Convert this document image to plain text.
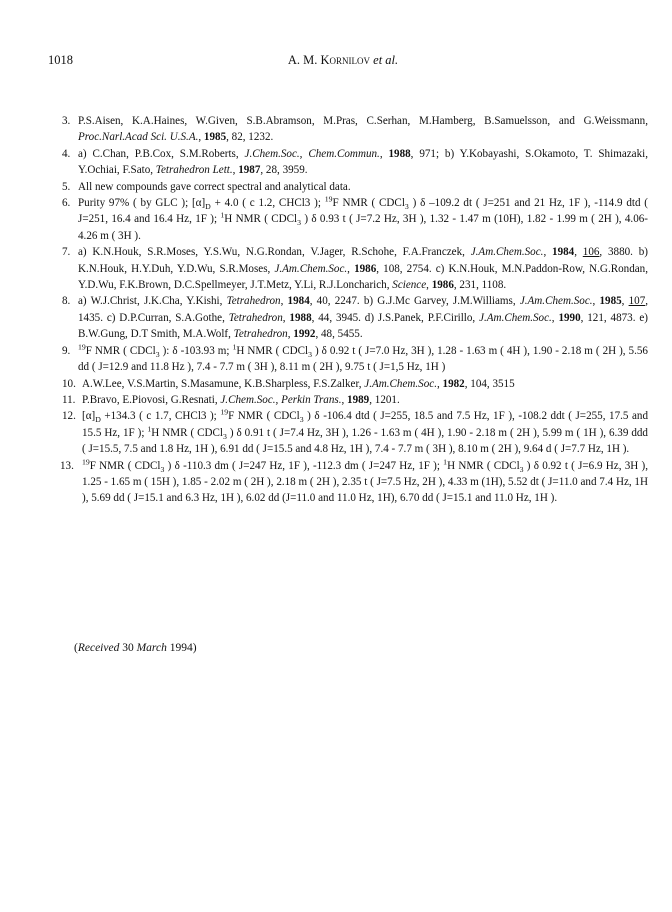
1018	A. M. Kornilov et al.
3. P.S.Aisen, K.A.Haines, W.Given, S.B.Abramson, M.Pras, C.Serhan, M.Hamberg, B.Samuelsson, and G.Weissmann, Proc.Narl.Acad Sci. U.S.A., 1985, 82, 1232.
4. a) C.Chan, P.B.Cox, S.M.Roberts, J.Chem.Soc., Chem.Commun., 1988, 971; b) Y.Kobayashi, S.Okamoto, T. Shimazaki, Y.Ochiai, F.Sato, Tetrahedron Lett., 1987, 28, 3959.
5. All new compounds gave correct spectral and analytical data.
6. Purity 97% ( by GLC ); $[\alpha]_D + 4.0$ ( c 1.2, CHCl3 ); $^{19}$F NMR ( CDCl$_3$ ) δ –109.2 dt ( J=251 and 21 Hz, 1F ), -114.9 dtd ( J=251, 16.4 and 16.4 Hz, 1F ); $^1$H NMR ( CDCl$_3$ ) δ 0.93 t ( J=7.2 Hz, 3H ), 1.32 - 1.47 m (10H), 1.82 - 1.99 m ( 2H ), 4.06-4.26 m ( 3H ).
7. a) K.N.Houk, S.R.Moses, Y.S.Wu, N.G.Rondan, V.Jager, R.Schohe, F.A.Franczek, J.Am.Chem.Soc., 1984, 106, 3880. b) K.N.Houk, H.Y.Duh, Y.D.Wu, S.R.Moses, J.Am.Chem.Soc., 1986, 108, 2754. c) K.N.Houk, M.N.Paddon-Row, N.G.Rondan, Y.D.Wu, F.K.Brown, D.C.Spellmeyer, J.T.Metz, Y.Li, R.J.Loncharich, Science, 1986, 231, 1108.
8. a) W.J.Christ, J.K.Cha, Y.Kishi, Tetrahedron, 1984, 40, 2247. b) G.J.Mc Garvey, J.M.Williams, J.Am.Chem.Soc., 1985, 107, 1435. c) D.P.Curran, S.A.Gothe, Tetrahedron, 1988, 44, 3945. d) J.S.Panek, P.F.Cirillo, J.Am.Chem.Soc., 1990, 121, 4873. e) B.W.Gung, D.T Smith, M.A.Wolf, Tetrahedron, 1992, 48, 5455.
9. $^{19}$F NMR ( CDCl$_3$ ): δ -103.93 m; $^1$H NMR ( CDCl$_3$ ) δ 0.92 t ( J=7.0 Hz, 3H ), 1.28 - 1.63 m ( 4H ), 1.90 - 2.18 m ( 2H ), 5.56 dd ( J=12.9 and 11.8 Hz ), 7.4 - 7.7 m ( 3H ), 8.11 m ( 2H ), 9.75 t ( J=1,5 Hz, 1H )
10. A.W.Lee, V.S.Martin, S.Masamune, K.B.Sharpless, F.S.Zalker, J.Am.Chem.Soc., 1982, 104, 3515
11. P.Bravo, E.Piovosi, G.Resnati, J.Chem.Soc., Perkin Trans., 1989, 1201.
12. $[\alpha]_D +134.3$ ( c 1.7, CHCl3 ); $^{19}$F NMR ( CDCl$_3$ ) δ -106.4 dtd ( J=255, 18.5 and 7.5 Hz, 1F ), -108.2 ddt ( J=255, 17.5 and 15.5 Hz, 1F ); $^1$H NMR ( CDCl$_3$ ) δ 0.91 t ( J=7.4 Hz, 3H ), 1.26 - 1.63 m ( 4H ), 1.90 - 2.18 m ( 2H ), 5.99 m ( 1H ), 6.39 ddd ( J=15.5, 7.5 and 1.8 Hz, 1H ), 6.91 dd ( J=15.5 and 4.8 Hz, 1H ), 7.4 - 7.7 m ( 3H ), 8.10 m ( 2H ), 9.64 d ( J=7.7 Hz, 1H ).
13. $^{19}$F NMR ( CDCl$_3$ ) δ -110.3 dm ( J=247 Hz, 1F ), -112.3 dm ( J=247 Hz, 1F ); $^1$H NMR ( CDCl$_3$ ) δ 0.92 t ( J=6.9 Hz, 3H ), 1.25 - 1.65 m ( 15H ), 1.85 - 2.02 m ( 2H ), 2.18 m ( 2H ), 2.35 t ( J=7.5 Hz, 2H ), 4.33 m (1H), 5.52 dt ( J=11.0 and 7.4 Hz, 1H ), 5.69 dd ( J=15.1 and 6.3 Hz, 1H ), 6.02 dd (J=11.0 and 11.0 Hz, 1H), 6.70 dd ( J=15.1 and 11.0 Hz, 1H ).
(Received 30 March 1994)
